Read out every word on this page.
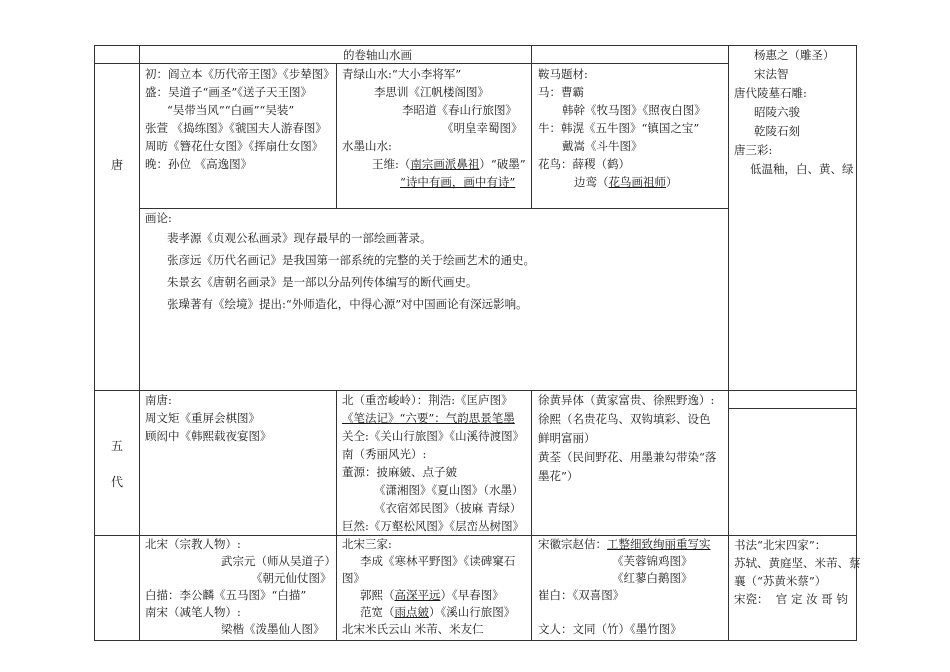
的卷轴山水画	杨惠之（雕圣）
宋法智
唐代陵墓石雕:
昭陵六骏
乾陵石刻
唐三彩:
低温釉，白、黄、绿
唐
初：阎立本《历代帝王图》《步辇图》
盛：吴道子“画圣”《送子天王图》
“吴带当风”“白画”“吴装”
张萱 《捣练图》《虢国夫人游春图》
周昉《簪花仕女图》《挥扇仕女图》
晚：孙位 《高逸图》
青绿山水:“大小李将军”
李思训《江帆楼阁图》
李昭道《春山行旅图》
《明皇幸蜀图》
水墨山水:
王维:（南宗画派鼻祖）“破墨”
“诗中有画，画中有诗”
鞍马题材:
马：曹霸
韩幹《牧马图》《照夜白图》
牛：韩滉《五牛图》“镇国之宝”
戴嵩《斗牛图》
花鸟：薛稷（鹤）
边鸾（花鸟画祖师）
画论:
裴孝源《贞观公私画录》现存最早的一部绘画著录。
张彦远《历代名画记》是我国第一部系统的完整的关于绘画艺术的通史。
朱景玄《唐朝名画录》是一部以分品列传体编写的断代画史。
张璪著有《绘境》提出:“外师造化，中得心源”对中国画论有深远影响。
五
代
南唐:
周文矩《重屏会棋图》
顾闳中《韩熙载夜宴图》
北（重峦峻岭）：荆浩:《匡庐图》
《笔法记》“六要”：气韵思景笔墨
关仝:《关山行旅图》《山溪待渡图》
南（秀丽风光）:
董源：披麻皴、点子皴
《潇湘图》《夏山图》（水墨）
《衣宿郊民图》（披麻 青绿）
巨然:《万壑松风图》《层峦丛树图》
徐黄异体（黄家富贵、徐熙野逸）:
徐熙（名贵花鸟、双钩填彩、设色
鲜明富丽）
黄荃（民间野花、用墨兼勾带染“落
墨花”）
北宋（宗教人物）:
武宗元（师从吴道子）
《朝元仙仗图》
白描：李公麟《五马图》“白描”
南宋（减笔人物）:
梁楷《泼墨仙人图》
北宋三家:
李成《寒林平野图》《读碑窠石
图》
郭熙（高深平远）《早春图》
范宽（雨点皴）《溪山行旅图》
北宋米氏云山 米芾、米友仁
宋徽宗赵佶：工整细致绚丽重写实
《芙蓉锦鸡图》
《红蓼白鹅图》
崔白：《双喜图》
文人：文同（竹）《墨竹图》
书法“北宋四家”：
苏轼、黄庭坚、米芾、蔡
襄（“苏黄米蔡”）
宋瓷：  官 定 汝 哥 钧
